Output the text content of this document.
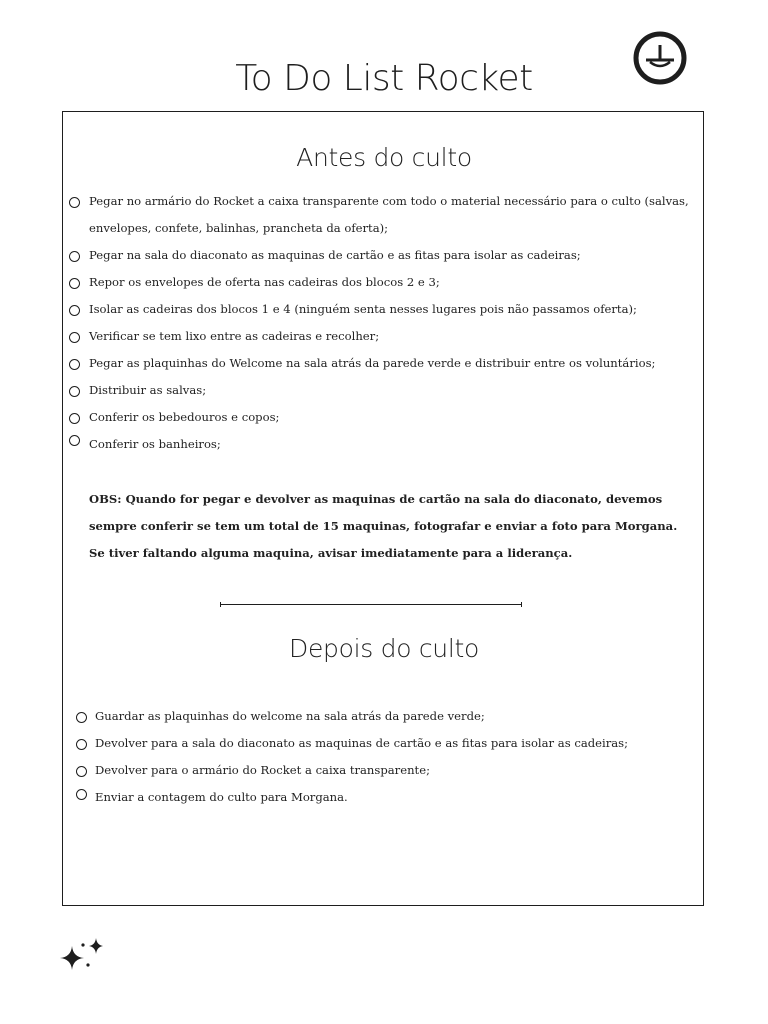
To Do List Rocket
Antes do culto
Pegar no armário do Rocket a caixa transparente com todo o material necessário para o culto (salvas, envelopes, confete, balinhas, prancheta da oferta);
Pegar na sala do diaconato as maquinas de cartão e as fitas para isolar as cadeiras;
Repor os envelopes de oferta nas cadeiras dos blocos 2 e 3;
Isolar as cadeiras dos blocos 1 e 4 (ninguém senta nesses lugares pois não passamos oferta);
Verificar se tem lixo entre as cadeiras e recolher;
Pegar as plaquinhas do Welcome na sala atrás da parede verde e distribuir entre os voluntários;
Distribuir as salvas;
Conferir os bebedouros e copos;
Conferir os banheiros;
OBS: Quando for pegar e devolver as maquinas de cartão na sala do diaconato, devemos sempre conferir se tem um total de 15 maquinas, fotografar e enviar a foto para Morgana. Se tiver faltando alguma maquina, avisar imediatamente para a liderança.
Depois do culto
Guardar as plaquinhas do welcome na sala atrás da parede verde;
Devolver para a sala do diaconato as maquinas de cartão e as fitas para isolar as cadeiras;
Devolver para o armário do Rocket a caixa transparente;
Enviar a contagem do culto para Morgana.
